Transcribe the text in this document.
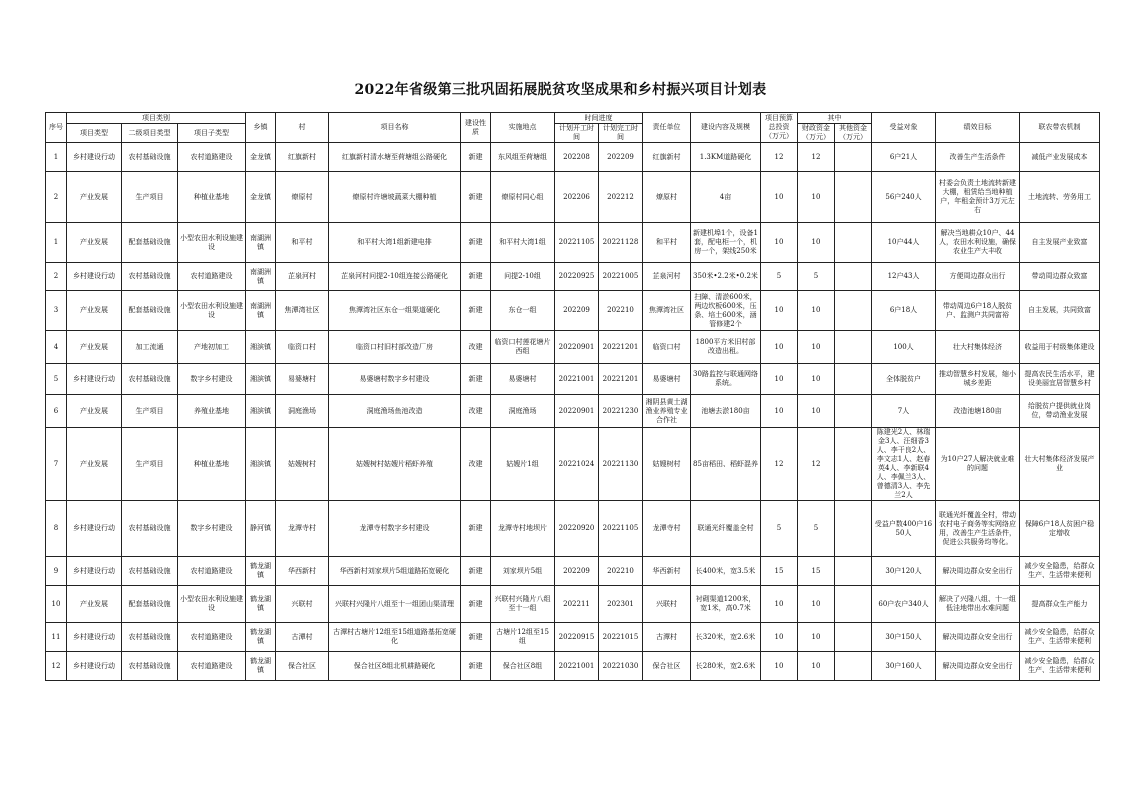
2022年省级第三批巩固拓展脱贫攻坚成果和乡村振兴项目计划表
序号	项目类别			乡镇	村	项目名称	建设性质	实施地点	时间进度		责任单位	建设内容及规模	项目预算总投资（万元）	其中		受益对象	绩效目标	联农带农机制
	项目类型	二级项目类型	项目子类型						计划开工时间	计划完工时间				财政资金（万元）	其他资金（万元）			
1	乡村建设行动	农村基础设施	农村道路建设	金龙镇	红旗新村	红旗新村清水塘至荷塘组公路硬化	新建	东风组至荷塘组	202208	202209	红旗新村	1.3KM道路硬化	12	12		6户21人	改善生产生活条件	减低产业发展成本
2	产业发展	生产项目	种植业基地	金龙镇	燎原村	燎原村许塘坡蔬菜大棚种植	新建	燎原村同心组	202206	202212	燎原村	4亩	10	10		56户240人	村委会负责土地流转新建大棚，租赁给当地种植户，年租金预计3万元左右	土地流转、劳务用工
1	产业发展	配套基础设施	小型农田水利设施建设	南湖洲镇	和平村	和平村大湾1组新建电排	新建	和平村大湾1组	20221105	20221128	和平村	新建机埠1个，设备1套，配电柜一个，机房一个，架线250米	10	10		10户44人	解决当地耕众10户、44人，农田水利设施，确保农业生产大丰收	自主发展产业致富
2	乡村建设行动	农村基础设施	农村道路建设	南湖洲镇	芷泉河村	芷泉河村问提2-10组连接公路硬化	新建	问提2-10组	20220925	20221005	芷泉河村	350米•2.2米•0.2米	5	5		12户43人	方便周边群众出行	带动周边群众致富
3	产业发展	配套基础设施	小型农田水利设施建设	南湖洲镇	焦潭湾社区	焦潭湾社区东仓一组渠道硬化	新建	东仓一组	202209	202210	焦潭湾社区	扫障、清淤600米，两边坎板600米，压条、培土600米，涵管修建2个	10	10		6户18人	带动周边6户18人脱贫户、监测户共同富裕	自主发展，共同致富
4	产业发展	加工流通	产地初加工	湘滨镇	临资口村	临资口村旧村部改造厂房	改建	临资口村莲花塘片西组	20220901	20221201	临资口村	1800平方米旧村部改造出租。	10	10		100人	壮大村集体经济	收益用于村级集体建设
5	乡村建设行动	农村基础设施	数字乡村建设	湘滨镇	易婆塘村	易婆塘村数字乡村建设	新建	易婆塘村	20221001	20221201	易婆塘村	30路监控与联通网络系统。	10	10		全体脱贫户	推动智慧乡村发展，缩小城乡差距	提高农民生活水平，建设美丽宜居智慧乡村
6	产业发展	生产项目	养殖业基地	湘滨镇	洞庭渔场	洞庭渔场鱼池改造	改建	洞庭渔场	20220901	20221230	湘阴县黄土湖渔业养殖专业合作社	池塘去淤180亩	10	10		7人	改造池塘180亩	给脱贫户提供就业岗位，带动渔业发展
7	产业发展	生产项目	种植业基地	湘滨镇	姑嫂树村	姑嫂树村姑嫂片稻虾养殖	改建	姑嫂片1组	20221024	20221130	姑嫂树村	85亩稻田、稻虾混养	12	12		陈建光2人、林瑞金3人、汪细香3人、李干良2人、李文志1人、赵春英4人、李新联4人、李佩兰3人、曾德清3人、李先兰2人	为10户27人解决就业难的问题	壮大村集体经济发展产业
8	乡村建设行动	农村基础设施	数字乡村建设	静河镇	龙潭寺村	龙潭寺村数字乡村建设	新建	龙潭寺村地坝片	20220920	20221105	龙潭寺村	联通光纤覆盖全村	5	5		受益户数400户1650人	联通光纤覆盖全村，带动农村电子商务等实网络应用，改善生产生活条件，促进公共服务均等化。	保障6户18人贫困户稳定增收
9	乡村建设行动	农村基础设施	农村道路建设	鹤龙湖镇	华西新村	华西新村刘家坝片5组道路拓宽硬化	新建	刘家坝片5组	202209	202210	华西新村	长400米，宽3.5米	15	15		30户120人	解决周边群众安全出行	减少安全隐患，给群众生产、生活带来便利
10	产业发展	配套基础设施	小型农田水利设施建设	鹤龙湖镇	兴联村	兴联村兴隆片八组至十一组团山渠清理	新建	兴联村兴隆片八组至十一组	202211	202301	兴联村	衬砌渠道1200米，宽1米，高0.7米	10	10		60户农户340人	解决了兴隆八组、十一组低洼地带出水难问题	提高群众生产能力
11	乡村建设行动	农村基础设施	农村道路建设	鹤龙湖镇	古潭村	古潭村古塘片12组至15组道路基拓宽硬化	新建	古塘片12组至15组	20220915	20221015	古潭村	长320米，宽2.6米	10	10		30户150人	解决周边群众安全出行	减少安全隐患，给群众生产、生活带来便利
12	乡村建设行动	农村基础设施	农村道路建设	鹤龙湖镇	保合社区	保合社区8组北机耕路硬化	新建	保合社区8组	20221001	20221030	保合社区	长280米，宽2.6米	10	10		30户160人	解决周边群众安全出行	减少安全隐患，给群众生产、生活带来便利
